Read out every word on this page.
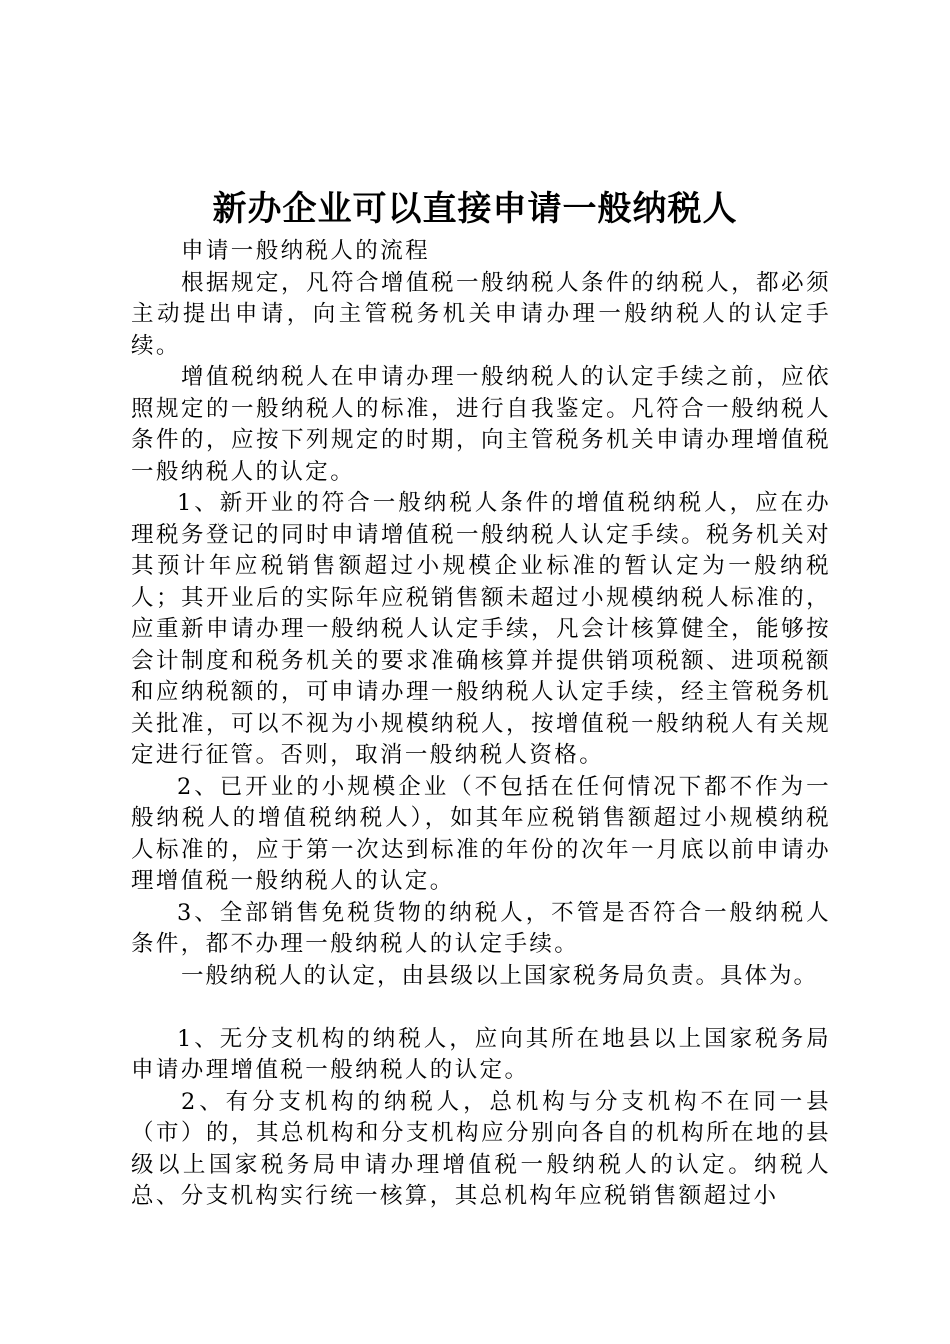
新办企业可以直接申请一般纳税人

申请一般纳税人的流程

根据规定，凡符合增值税一般纳税人条件的纳税人，都必须主动提出申请，向主管税务机关申请办理一般纳税人的认定手续。

增值税纳税人在申请办理一般纳税人的认定手续之前，应依照规定的一般纳税人的标准，进行自我鉴定。凡符合一般纳税人条件的，应按下列规定的时期，向主管税务机关申请办理增值税一般纳税人的认定。

1、新开业的符合一般纳税人条件的增值税纳税人，应在办理税务登记的同时申请增值税一般纳税人认定手续。税务机关对其预计年应税销售额超过小规模企业标准的暂认定为一般纳税人；其开业后的实际年应税销售额未超过小规模纳税人标准的，应重新申请办理一般纳税人认定手续，凡会计核算健全，能够按会计制度和税务机关的要求准确核算并提供销项税额、进项税额和应纳税额的，可申请办理一般纳税人认定手续，经主管税务机关批准，可以不视为小规模纳税人，按增值税一般纳税人有关规定进行征管。否则，取消一般纳税人资格。

2、已开业的小规模企业（不包括在任何情况下都不作为一般纳税人的增值税纳税人），如其年应税销售额超过小规模纳税人标准的，应于第一次达到标准的年份的次年一月底以前申请办理增值税一般纳税人的认定。

3、全部销售免税货物的纳税人，不管是否符合一般纳税人条件，都不办理一般纳税人的认定手续。

一般纳税人的认定，由县级以上国家税务局负责。具体为。

1、无分支机构的纳税人，应向其所在地县以上国家税务局申请办理增值税一般纳税人的认定。

2、有分支机构的纳税人，总机构与分支机构不在同一县（市）的，其总机构和分支机构应分别向各自的机构所在地的县级以上国家税务局申请办理增值税一般纳税人的认定。纳税人总、分支机构实行统一核算，其总机构年应税销售额超过小
